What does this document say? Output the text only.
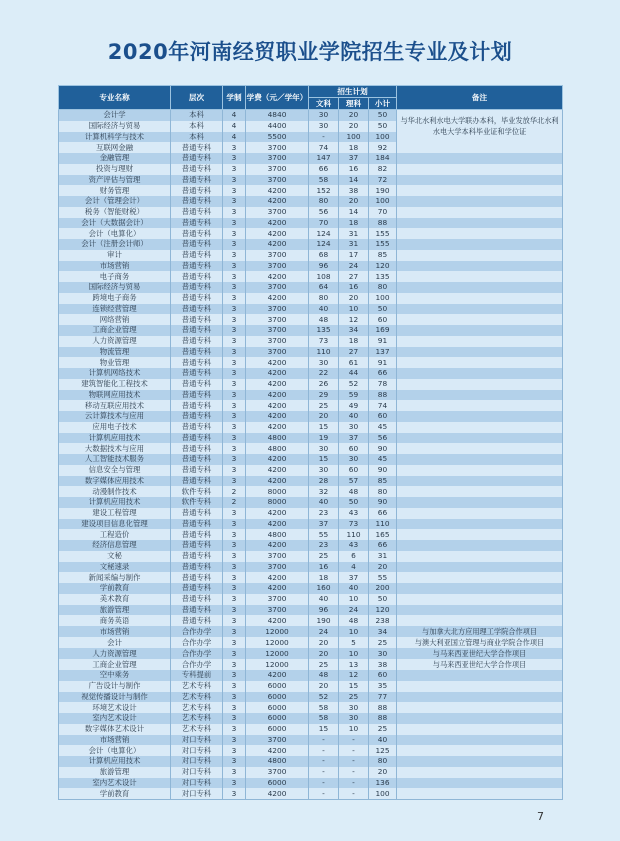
2020年河南经贸职业学院招生专业及计划
专业名称	层次	学制	学费（元／学年）	招生计划			备注
				文科	理科	小计	
会计学	本科	4	4840	30	20	50	与华北水利水电大学联办本科，毕业发放华北水利水电大学本科毕业证和学位证
国际经济与贸易	本科	4	4400	30	20	50	
计算机科学与技术	本科	4	5500	-	100	100	
互联网金融	普通专科	3	3700	74	18	92	
金融管理	普通专科	3	3700	147	37	184	
投资与理财	普通专科	3	3700	66	16	82	
资产评估与管理	普通专科	3	3700	58	14	72	
财务管理	普通专科	3	4200	152	38	190	
会计（管理会计）	普通专科	3	4200	80	20	100	
税务（智能财税）	普通专科	3	3700	56	14	70	
会计（大数据会计）	普通专科	3	4200	70	18	88	
会计（电算化）	普通专科	3	4200	124	31	155	
会计（注册会计师）	普通专科	3	4200	124	31	155	
审计	普通专科	3	3700	68	17	85	
市场营销	普通专科	3	3700	96	24	120	
电子商务	普通专科	3	4200	108	27	135	
国际经济与贸易	普通专科	3	3700	64	16	80	
跨境电子商务	普通专科	3	4200	80	20	100	
连锁经营管理	普通专科	3	3700	40	10	50	
网络营销	普通专科	3	3700	48	12	60	
工商企业管理	普通专科	3	3700	135	34	169	
人力资源管理	普通专科	3	3700	73	18	91	
物流管理	普通专科	3	3700	110	27	137	
物业管理	普通专科	3	4200	30	61	91	
计算机网络技术	普通专科	3	4200	22	44	66	
建筑智能化工程技术	普通专科	3	4200	26	52	78	
物联网应用技术	普通专科	3	4200	29	59	88	
移动互联应用技术	普通专科	3	4200	25	49	74	
云计算技术与应用	普通专科	3	4200	20	40	60	
应用电子技术	普通专科	3	4200	15	30	45	
计算机应用技术	普通专科	3	4800	19	37	56	
大数据技术与应用	普通专科	3	4800	30	60	90	
人工智能技术服务	普通专科	3	4200	15	30	45	
信息安全与管理	普通专科	3	4200	30	60	90	
数字媒体应用技术	普通专科	3	4200	28	57	85	
动漫制作技术	软件专科	2	8000	32	48	80	
计算机应用技术	软件专科	2	8000	40	50	90	
建设工程管理	普通专科	3	4200	23	43	66	
建设项目信息化管理	普通专科	3	4200	37	73	110	
工程造价	普通专科	3	4800	55	110	165	
经济信息管理	普通专科	3	4200	23	43	66	
文秘	普通专科	3	3700	25	6	31	
文秘速录	普通专科	3	3700	16	4	20	
新闻采编与制作	普通专科	3	4200	18	37	55	
学前教育	普通专科	3	4200	160	40	200	
美术教育	普通专科	3	3700	40	10	50	
旅游管理	普通专科	3	3700	96	24	120	
商务英语	普通专科	3	4200	190	48	238	
市场营销	合作办学	3	12000	24	10	34	与加拿大北方应用理工学院合作项目
会计	合作办学	3	12000	20	5	25	与澳大利亚国立管理与商业学院合作项目
人力资源管理	合作办学	3	12000	20	10	30	与马来西亚世纪大学合作项目
工商企业管理	合作办学	3	12000	25	13	38	与马来西亚世纪大学合作项目
空中乘务	专科提前	3	4200	48	12	60	
广告设计与制作	艺术专科	3	6000	20	15	35	
视觉传播设计与制作	艺术专科	3	6000	52	25	77	
环境艺术设计	艺术专科	3	6000	58	30	88	
室内艺术设计	艺术专科	3	6000	58	30	88	
数字媒体艺术设计	艺术专科	3	6000	15	10	25	
市场营销	对口专科	3	3700	-	-	40	
会计（电算化）	对口专科	3	4200	-	-	125	
计算机应用技术	对口专科	3	4800	-	-	80	
旅游管理	对口专科	3	3700	-	-	20	
室内艺术设计	对口专科	3	6000	-	-	136	
学前教育	对口专科	3	4200	-	-	100	
7
